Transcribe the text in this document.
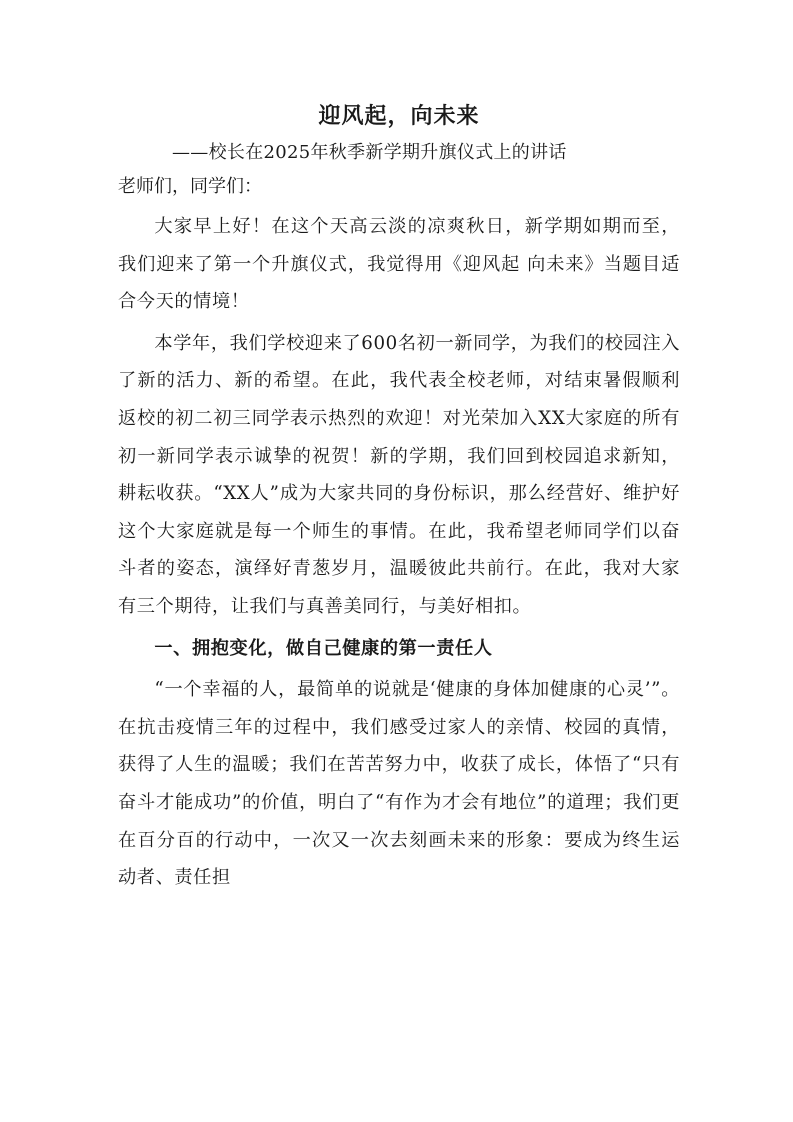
迎风起，向未来

——校长在2025年秋季新学期升旗仪式上的讲话

老师们，同学们：

大家早上好！在这个天高云淡的凉爽秋日，新学期如期而至，我们迎来了第一个升旗仪式，我觉得用《迎风起 向未来》当题目适合今天的情境！

本学年，我们学校迎来了600名初一新同学，为我们的校园注入了新的活力、新的希望。在此，我代表全校老师，对结束暑假顺利返校的初二初三同学表示热烈的欢迎！对光荣加入XX大家庭的所有初一新同学表示诚挚的祝贺！新的学期，我们回到校园追求新知，耕耘收获。“XX人”成为大家共同的身份标识，那么经营好、维护好这个大家庭就是每一个师生的事情。在此，我希望老师同学们以奋斗者的姿态，演绎好青葱岁月，温暖彼此共前行。在此，我对大家有三个期待，让我们与真善美同行，与美好相扣。

一、拥抱变化，做自己健康的第一责任人

“一个幸福的人，最简单的说就是‘健康的身体加健康的心灵’”。在抗击疫情三年的过程中，我们感受过家人的亲情、校园的真情，获得了人生的温暖；我们在苦苦努力中，收获了成长，体悟了“只有奋斗才能成功”的价值，明白了“有作为才会有地位”的道理；我们更在百分百的行动中，一次又一次去刻画未来的形象：要成为终生运动者、责任担
